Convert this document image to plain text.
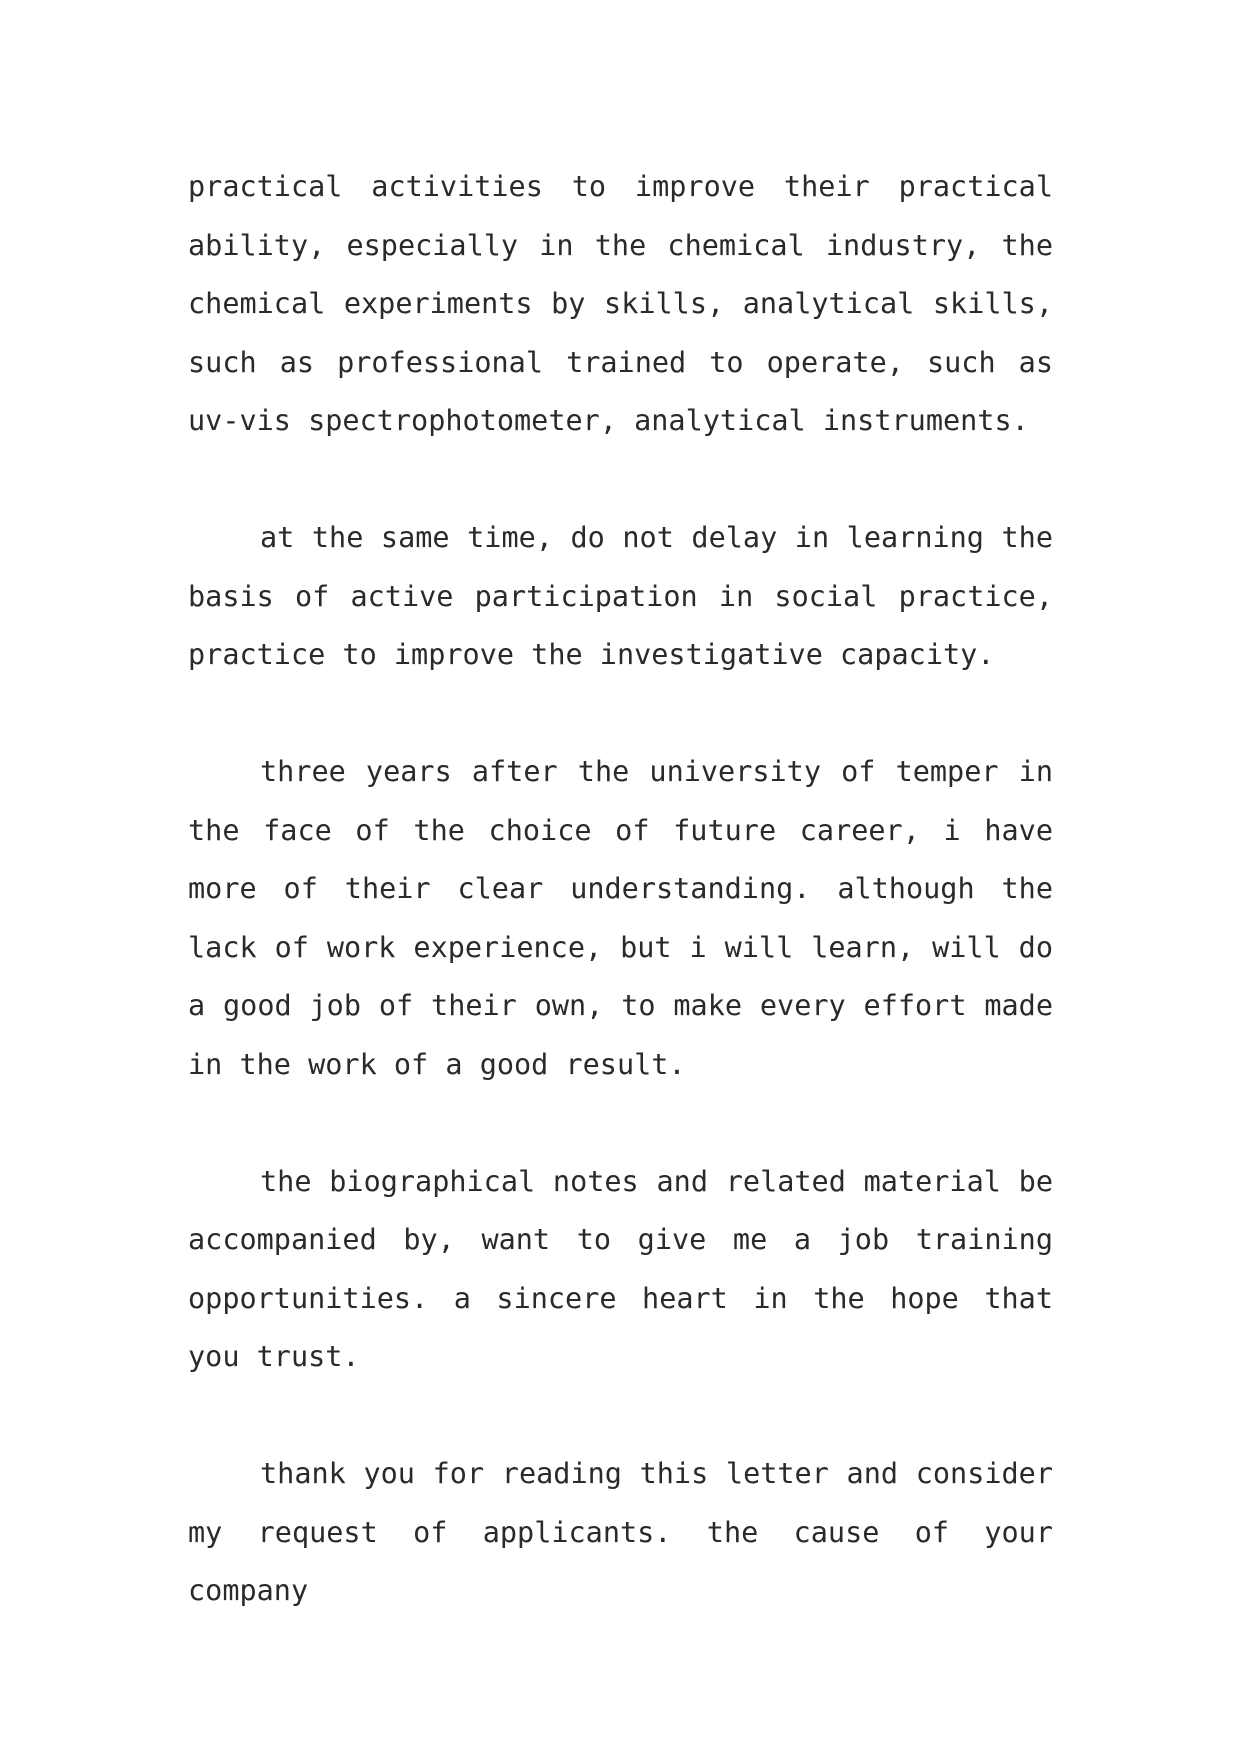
practical activities to improve their practical ability, especially in the chemical industry, the chemical experiments by skills, analytical skills, such as professional trained to operate, such as uv-vis spectrophotometer, analytical instruments.

at the same time, do not delay in learning the basis of active participation in social practice, practice to improve the investigative capacity.

three years after the university of temper in the face of the choice of future career, i have more of their clear understanding. although the lack of work experience, but i will learn, will do a good job of their own, to make every effort made in the work of a good result.

the biographical notes and related material be accompanied by, want to give me a job training opportunities. a sincere heart in the hope that you trust.

thank you for reading this letter and consider my request of applicants. the cause of your company
